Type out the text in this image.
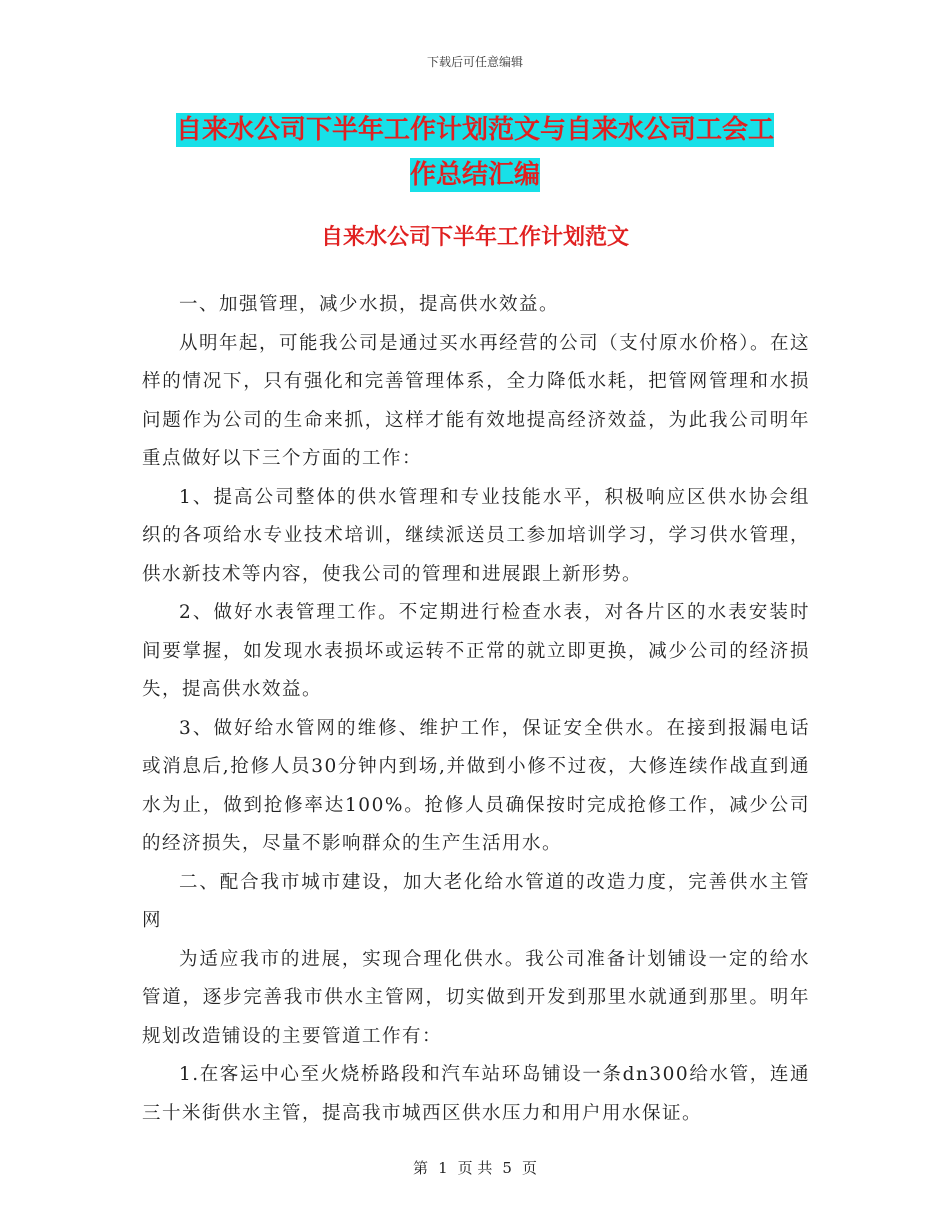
下载后可任意编辑
自来水公司下半年工作计划范文与自来水公司工会工
作总结汇编
自来水公司下半年工作计划范文

一、加强管理，减少水损，提高供水效益。

从明年起，可能我公司是通过买水再经营的公司（支付原水价格）。在这样的情况下，只有强化和完善管理体系，全力降低水耗，把管网管理和水损问题作为公司的生命来抓，这样才能有效地提高经济效益，为此我公司明年重点做好以下三个方面的工作：

1、提高公司整体的供水管理和专业技能水平，积极响应区供水协会组织的各项给水专业技术培训，继续派送员工参加培训学习，学习供水管理，供水新技术等内容，使我公司的管理和进展跟上新形势。

2、做好水表管理工作。不定期进行检查水表，对各片区的水表安装时间要掌握，如发现水表损坏或运转不正常的就立即更换，减少公司的经济损失，提高供水效益。

3、做好给水管网的维修、维护工作，保证安全供水。在接到报漏电话或消息后,抢修人员30分钟内到场,并做到小修不过夜，大修连续作战直到通水为止，做到抢修率达100%。抢修人员确保按时完成抢修工作，减少公司的经济损失，尽量不影响群众的生产生活用水。

二、配合我市城市建设，加大老化给水管道的改造力度，完善供水主管网

为适应我市的进展，实现合理化供水。我公司准备计划铺设一定的给水管道，逐步完善我市供水主管网，切实做到开发到那里水就通到那里。明年规划改造铺设的主要管道工作有：

1.在客运中心至火烧桥路段和汽车站环岛铺设一条dn300给水管，连通三十米街供水主管，提高我市城西区供水压力和用户用水保证。

第 1 页 共 5 页
